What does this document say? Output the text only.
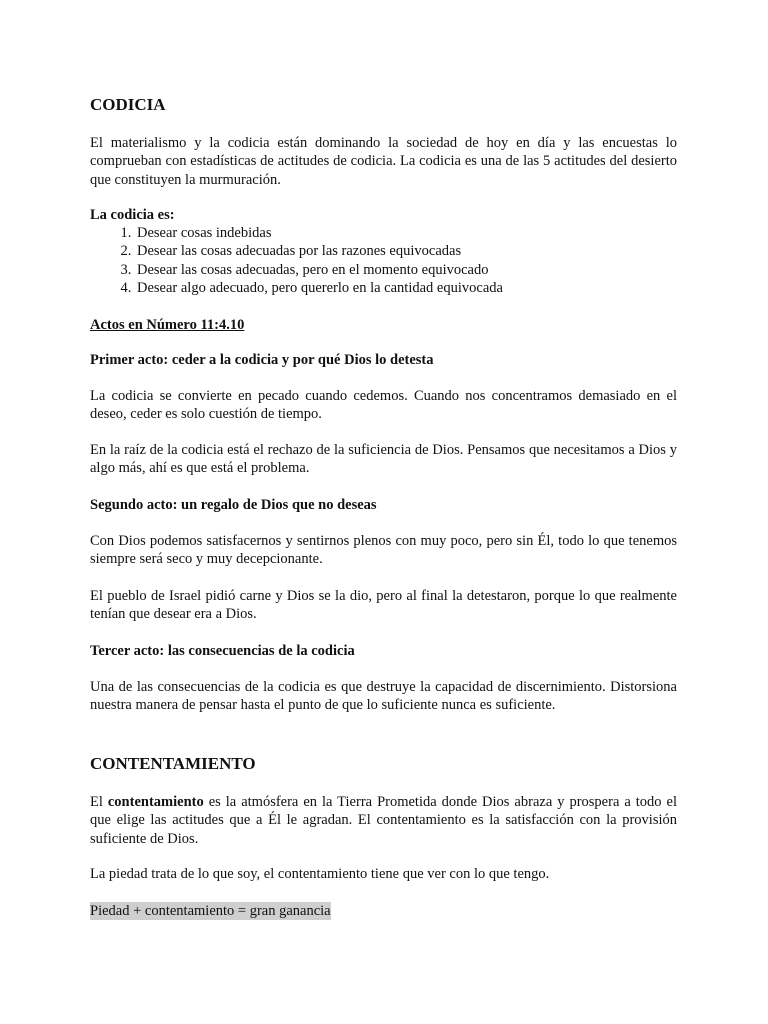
CODICIA
El materialismo y la codicia están dominando la sociedad de hoy en día y las encuestas lo comprueban con estadísticas de actitudes de codicia. La codicia es una de las 5 actitudes del desierto que constituyen la murmuración.
La codicia es:
1. Desear cosas indebidas
2. Desear las cosas adecuadas por las razones equivocadas
3. Desear las cosas adecuadas, pero en el momento equivocado
4. Desear algo adecuado, pero quererlo en la cantidad equivocada
Actos en Número 11:4.10
Primer acto: ceder a la codicia y por qué Dios lo detesta
La codicia se convierte en pecado cuando cedemos. Cuando nos concentramos demasiado en el deseo, ceder es solo cuestión de tiempo.
En la raíz de la codicia está el rechazo de la suficiencia de Dios. Pensamos que necesitamos a Dios y algo más, ahí es que está el problema.
Segundo acto: un regalo de Dios que no deseas
Con Dios podemos satisfacernos y sentirnos plenos con muy poco, pero sin Él, todo lo que tenemos siempre será seco y muy decepcionante.
El pueblo de Israel pidió carne y Dios se la dio, pero al final la detestaron, porque lo que realmente tenían que desear era a Dios.
Tercer acto: las consecuencias de la codicia
Una de las consecuencias de la codicia es que destruye la capacidad de discernimiento. Distorsiona nuestra manera de pensar hasta el punto de que lo suficiente nunca es suficiente.
CONTENTAMIENTO
El contentamiento es la atmósfera en la Tierra Prometida donde Dios abraza y prospera a todo el que elige las actitudes que a Él le agradan. El contentamiento es la satisfacción con la provisión suficiente de Dios.
La piedad trata de lo que soy, el contentamiento tiene que ver con lo que tengo.
Piedad + contentamiento = gran ganancia
